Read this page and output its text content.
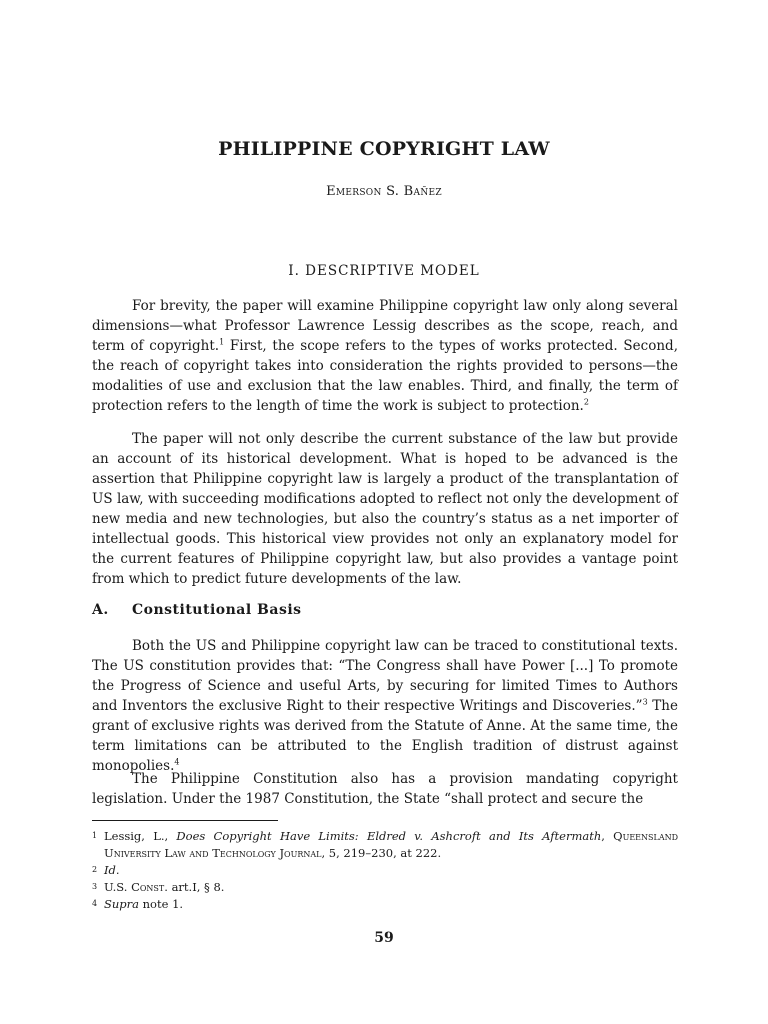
PHILIPPINE COPYRIGHT LAW
Emerson S. Bañez
I. DESCRIPTIVE MODEL

For brevity, the paper will examine Philippine copyright law only along several dimensions—what Professor Lawrence Lessig describes as the scope, reach, and term of copyright.$^1$ First, the scope refers to the types of works protected. Second, the reach of copyright takes into consideration the rights provided to persons—the modalities of use and exclusion that the law enables. Third, and finally, the term of protection refers to the length of time the work is subject to protection.$^2$

The paper will not only describe the current substance of the law but provide an account of its historical development. What is hoped to be advanced is the assertion that Philippine copyright law is largely a product of the transplantation of US law, with succeeding modifications adopted to reflect not only the development of new media and new technologies, but also the country’s status as a net importer of intellectual goods. This historical view provides not only an explanatory model for the current features of Philippine copyright law, but also provides a vantage point from which to predict future developments of the law.

A. Constitutional Basis

Both the US and Philippine copyright law can be traced to constitutional texts. The US constitution provides that: “The Congress shall have Power [...] To promote the Progress of Science and useful Arts, by securing for limited Times to Authors and Inventors the exclusive Right to their respective Writings and Discoveries.”$^3$ The grant of exclusive rights was derived from the Statute of Anne. At the same time, the term limitations can be attributed to the English tradition of distrust against monopolies.$^4$

The Philippine Constitution also has a provision mandating copyright legislation. Under the 1987 Constitution, the State “shall protect and secure the

1 Lessig, L., Does Copyright Have Limits: Eldred v. Ashcroft and Its Aftermath, Queensland University Law and Technology Journal, 5, 219–230, at 222.
2 Id.
3 U.S. Const. art.I, § 8.
4 Supra note 1.
59
